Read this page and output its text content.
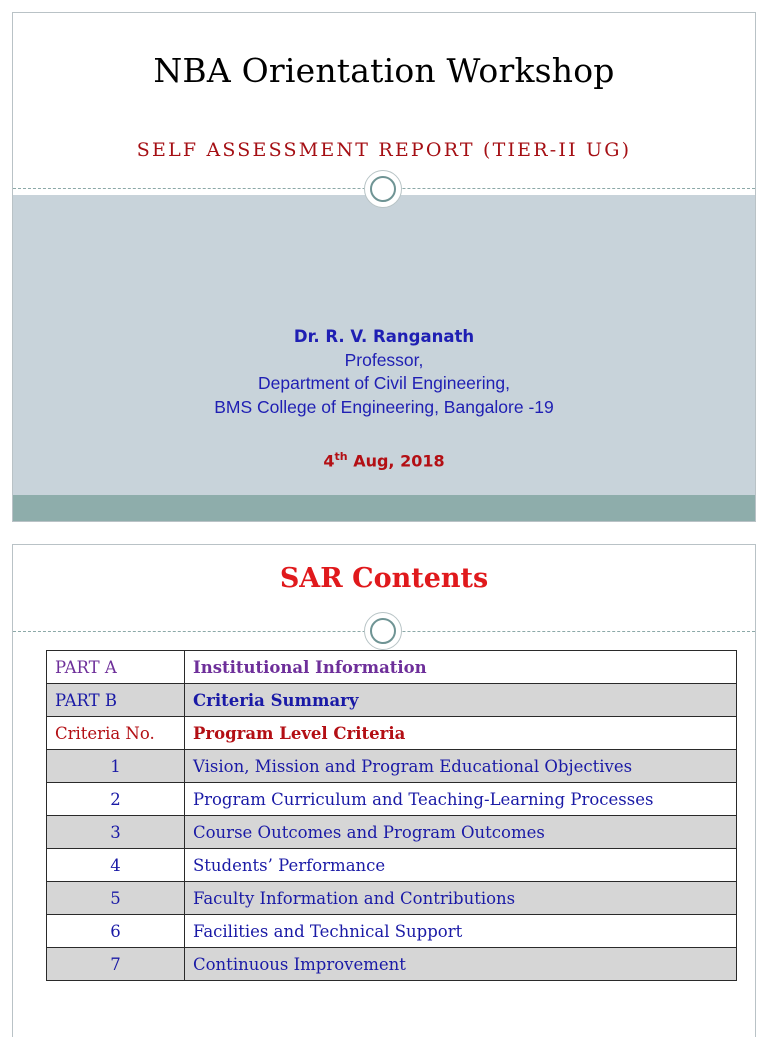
NBA Orientation Workshop
SELF ASSESSMENT REPORT (TIER-II UG)
Dr. R. V. Ranganath
Professor,
Department of Civil Engineering,
BMS College of Engineering, Bangalore -19
4th Aug, 2018
SAR Contents
PART A	Institutional Information
PART B	Criteria Summary
Criteria No.	Program Level Criteria
1	Vision, Mission and Program Educational Objectives
2	Program Curriculum and Teaching-Learning Processes
3	Course Outcomes and Program Outcomes
4	Students’ Performance
5	Faculty Information and Contributions
6	Facilities and Technical Support
7	Continuous Improvement
